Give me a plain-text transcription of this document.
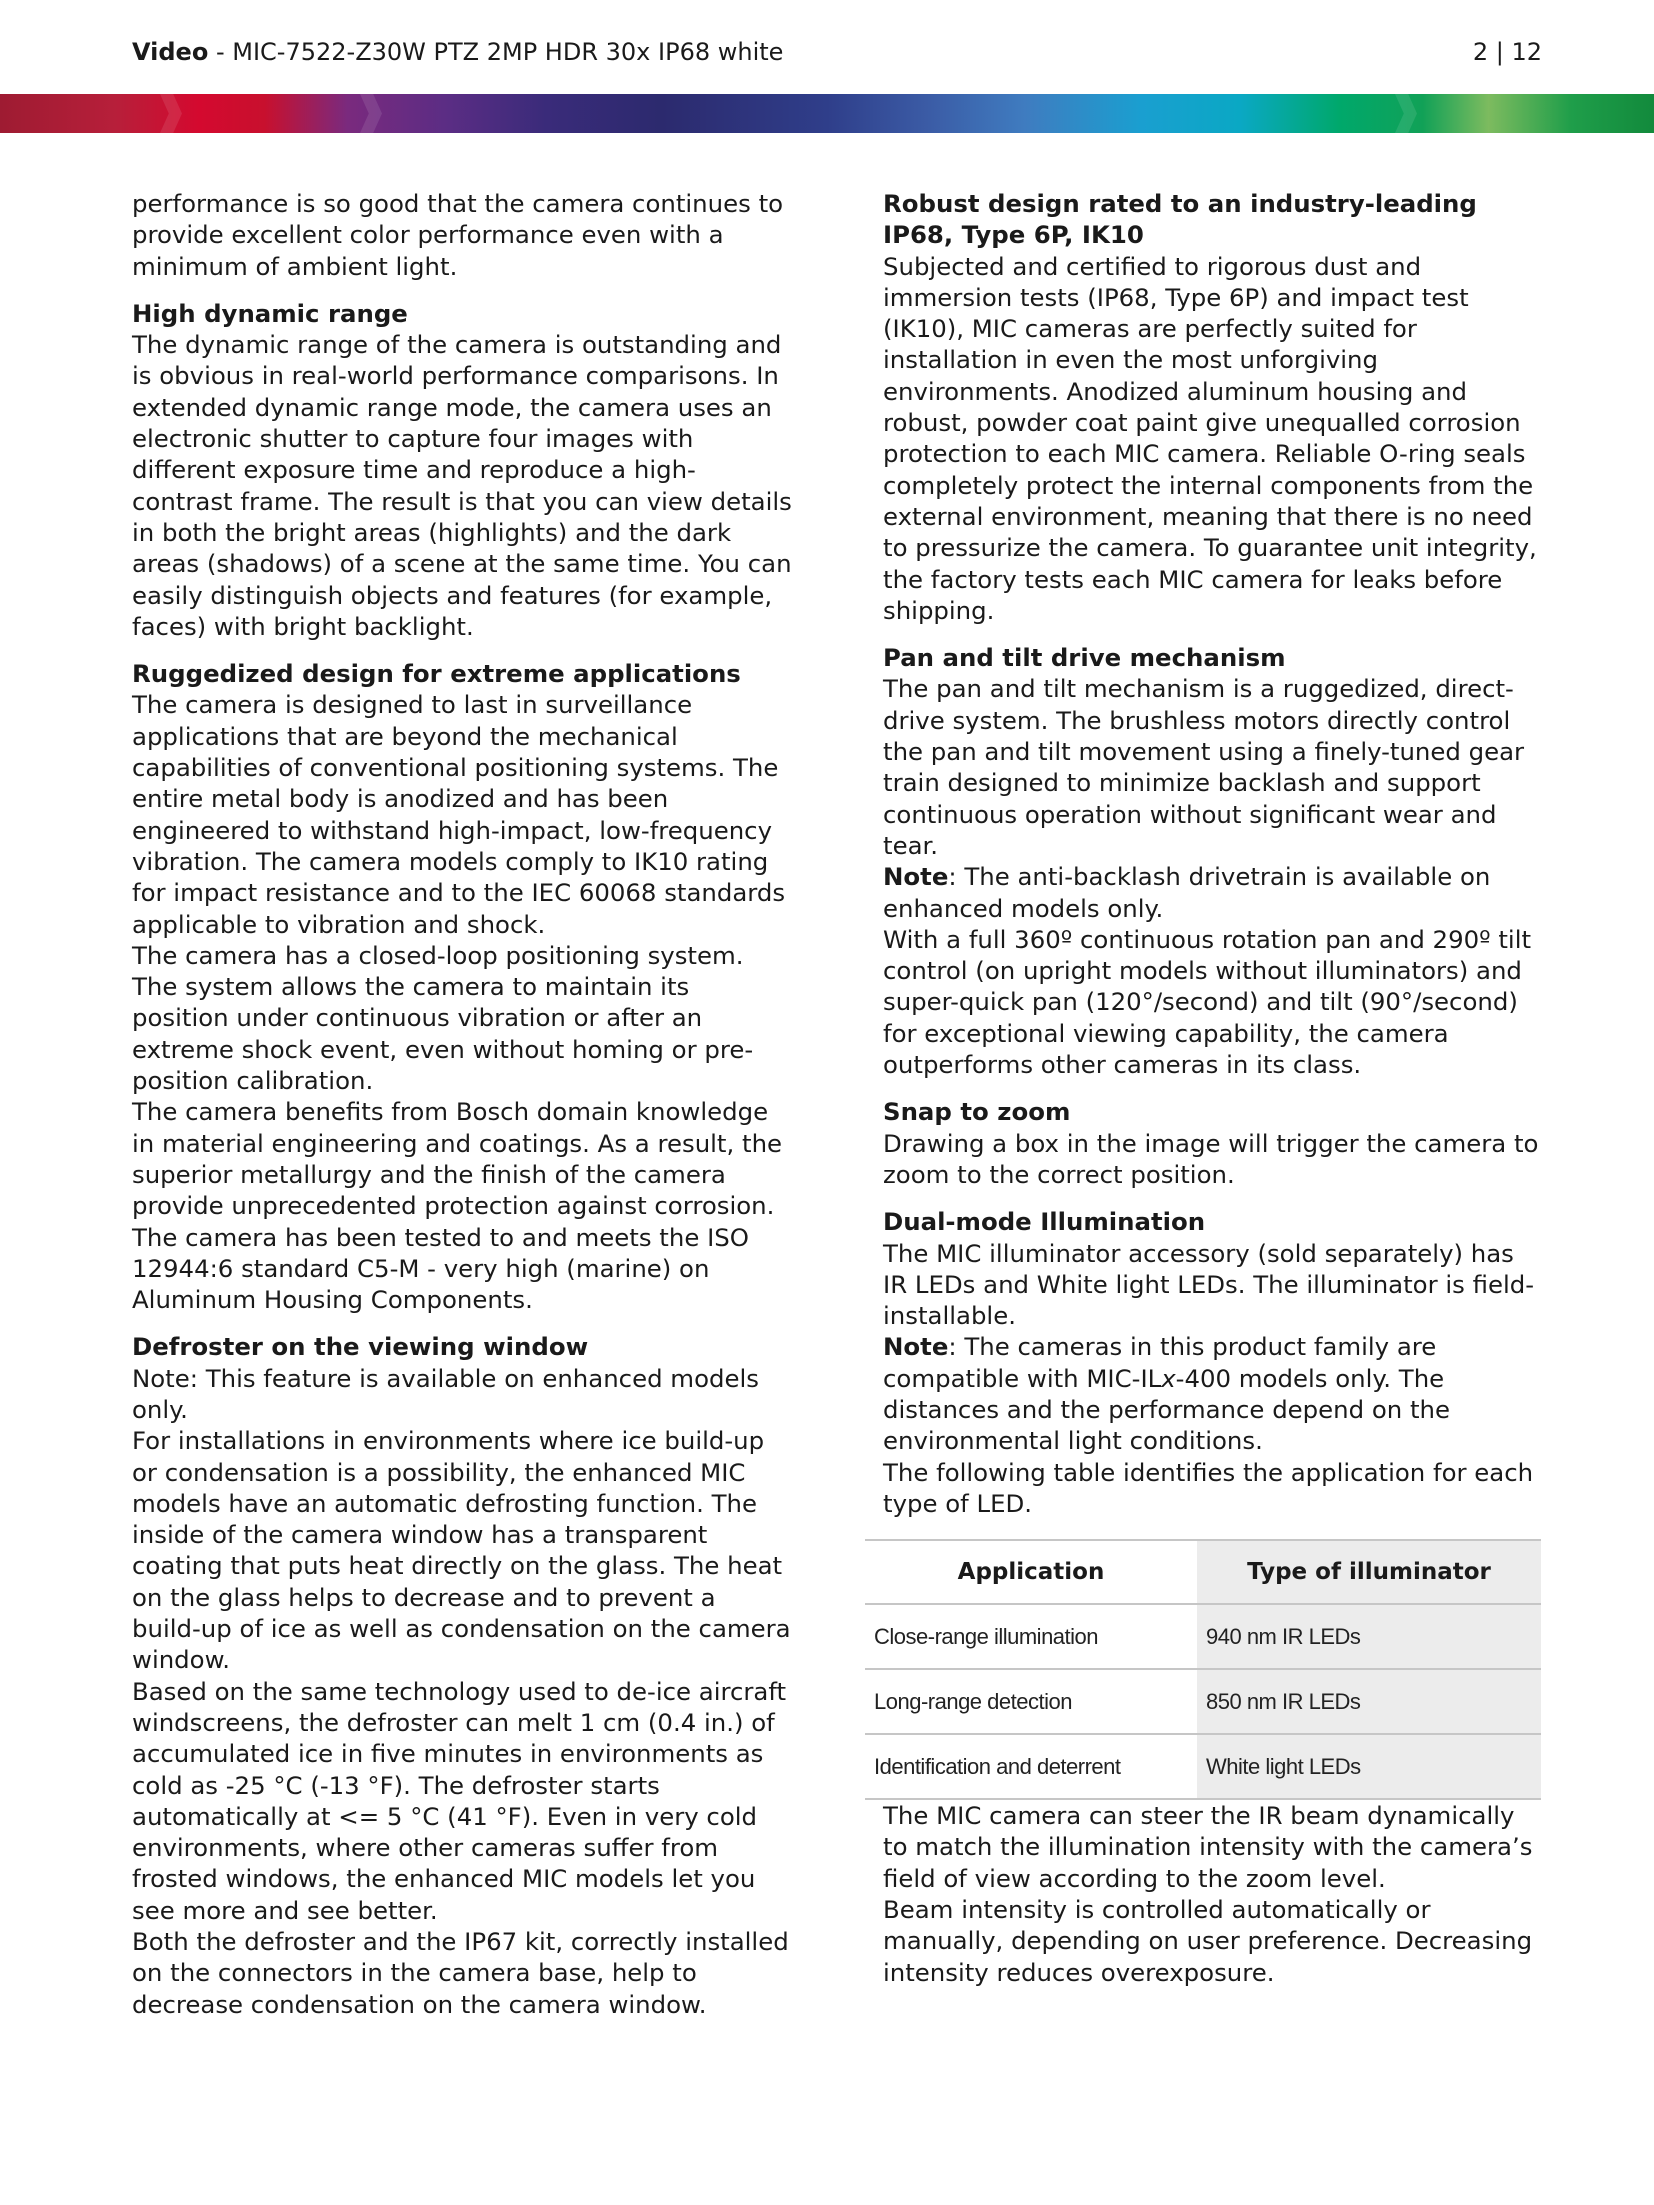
Video - MIC-7522-Z30W PTZ 2MP HDR 30x IP68 white	2 | 12

performance is so good that the camera continues to provide excellent color performance even with a minimum of ambient light.

High dynamic range

The dynamic range of the camera is outstanding and is obvious in real-world performance comparisons. In extended dynamic range mode, the camera uses an electronic shutter to capture four images with different exposure time and reproduce a high-contrast frame. The result is that you can view details in both the bright areas (highlights) and the dark areas (shadows) of a scene at the same time. You can easily distinguish objects and features (for example, faces) with bright backlight.

Ruggedized design for extreme applications

The camera is designed to last in surveillance applications that are beyond the mechanical capabilities of conventional positioning systems. The entire metal body is anodized and has been engineered to withstand high-impact, low-frequency vibration. The camera models comply to IK10 rating for impact resistance and to the IEC 60068 standards applicable to vibration and shock.

The camera has a closed-loop positioning system. The system allows the camera to maintain its position under continuous vibration or after an extreme shock event, even without homing or pre-position calibration.

The camera benefits from Bosch domain knowledge in material engineering and coatings. As a result, the superior metallurgy and the finish of the camera provide unprecedented protection against corrosion. The camera has been tested to and meets the ISO 12944:6 standard C5-M - very high (marine) on Aluminum Housing Components.

Defroster on the viewing window

Note: This feature is available on enhanced models only.

For installations in environments where ice build-up or condensation is a possibility, the enhanced MIC models have an automatic defrosting function. The inside of the camera window has a transparent coating that puts heat directly on the glass. The heat on the glass helps to decrease and to prevent a build-up of ice as well as condensation on the camera window.

Based on the same technology used to de-ice aircraft windscreens, the defroster can melt 1 cm (0.4 in.) of accumulated ice in five minutes in environments as cold as -25 °C (-13 °F). The defroster starts automatically at <= 5 °C (41 °F). Even in very cold environments, where other cameras suffer from frosted windows, the enhanced MIC models let you see more and see better.

Both the defroster and the IP67 kit, correctly installed on the connectors in the camera base, help to decrease condensation on the camera window.

Robust design rated to an industry-leading IP68, Type 6P, IK10

Subjected and certified to rigorous dust and immersion tests (IP68, Type 6P) and impact test (IK10), MIC cameras are perfectly suited for installation in even the most unforgiving environments. Anodized aluminum housing and robust, powder coat paint give unequalled corrosion protection to each MIC camera. Reliable O-ring seals completely protect the internal components from the external environment, meaning that there is no need to pressurize the camera. To guarantee unit integrity, the factory tests each MIC camera for leaks before shipping.

Pan and tilt drive mechanism

The pan and tilt mechanism is a ruggedized, direct-drive system. The brushless motors directly control the pan and tilt movement using a finely-tuned gear train designed to minimize backlash and support continuous operation without significant wear and tear.

Note: The anti-backlash drivetrain is available on enhanced models only.

With a full 360º continuous rotation pan and 290º tilt control (on upright models without illuminators) and super-quick pan (120°/second) and tilt (90°/second) for exceptional viewing capability, the camera outperforms other cameras in its class.

Snap to zoom

Drawing a box in the image will trigger the camera to zoom to the correct position.

Dual-mode Illumination

The MIC illuminator accessory (sold separately) has IR LEDs and White light LEDs. The illuminator is field-installable.

Note: The cameras in this product family are compatible with MIC-ILx-400 models only. The distances and the performance depend on the environmental light conditions.

The following table identifies the application for each type of LED.

Application	Type of illuminator
Close-range illumination	940 nm IR LEDs
Long-range detection	850 nm IR LEDs
Identification and deterrent	White light LEDs

The MIC camera can steer the IR beam dynamically to match the illumination intensity with the camera’s field of view according to the zoom level.

Beam intensity is controlled automatically or manually, depending on user preference. Decreasing intensity reduces overexposure.
